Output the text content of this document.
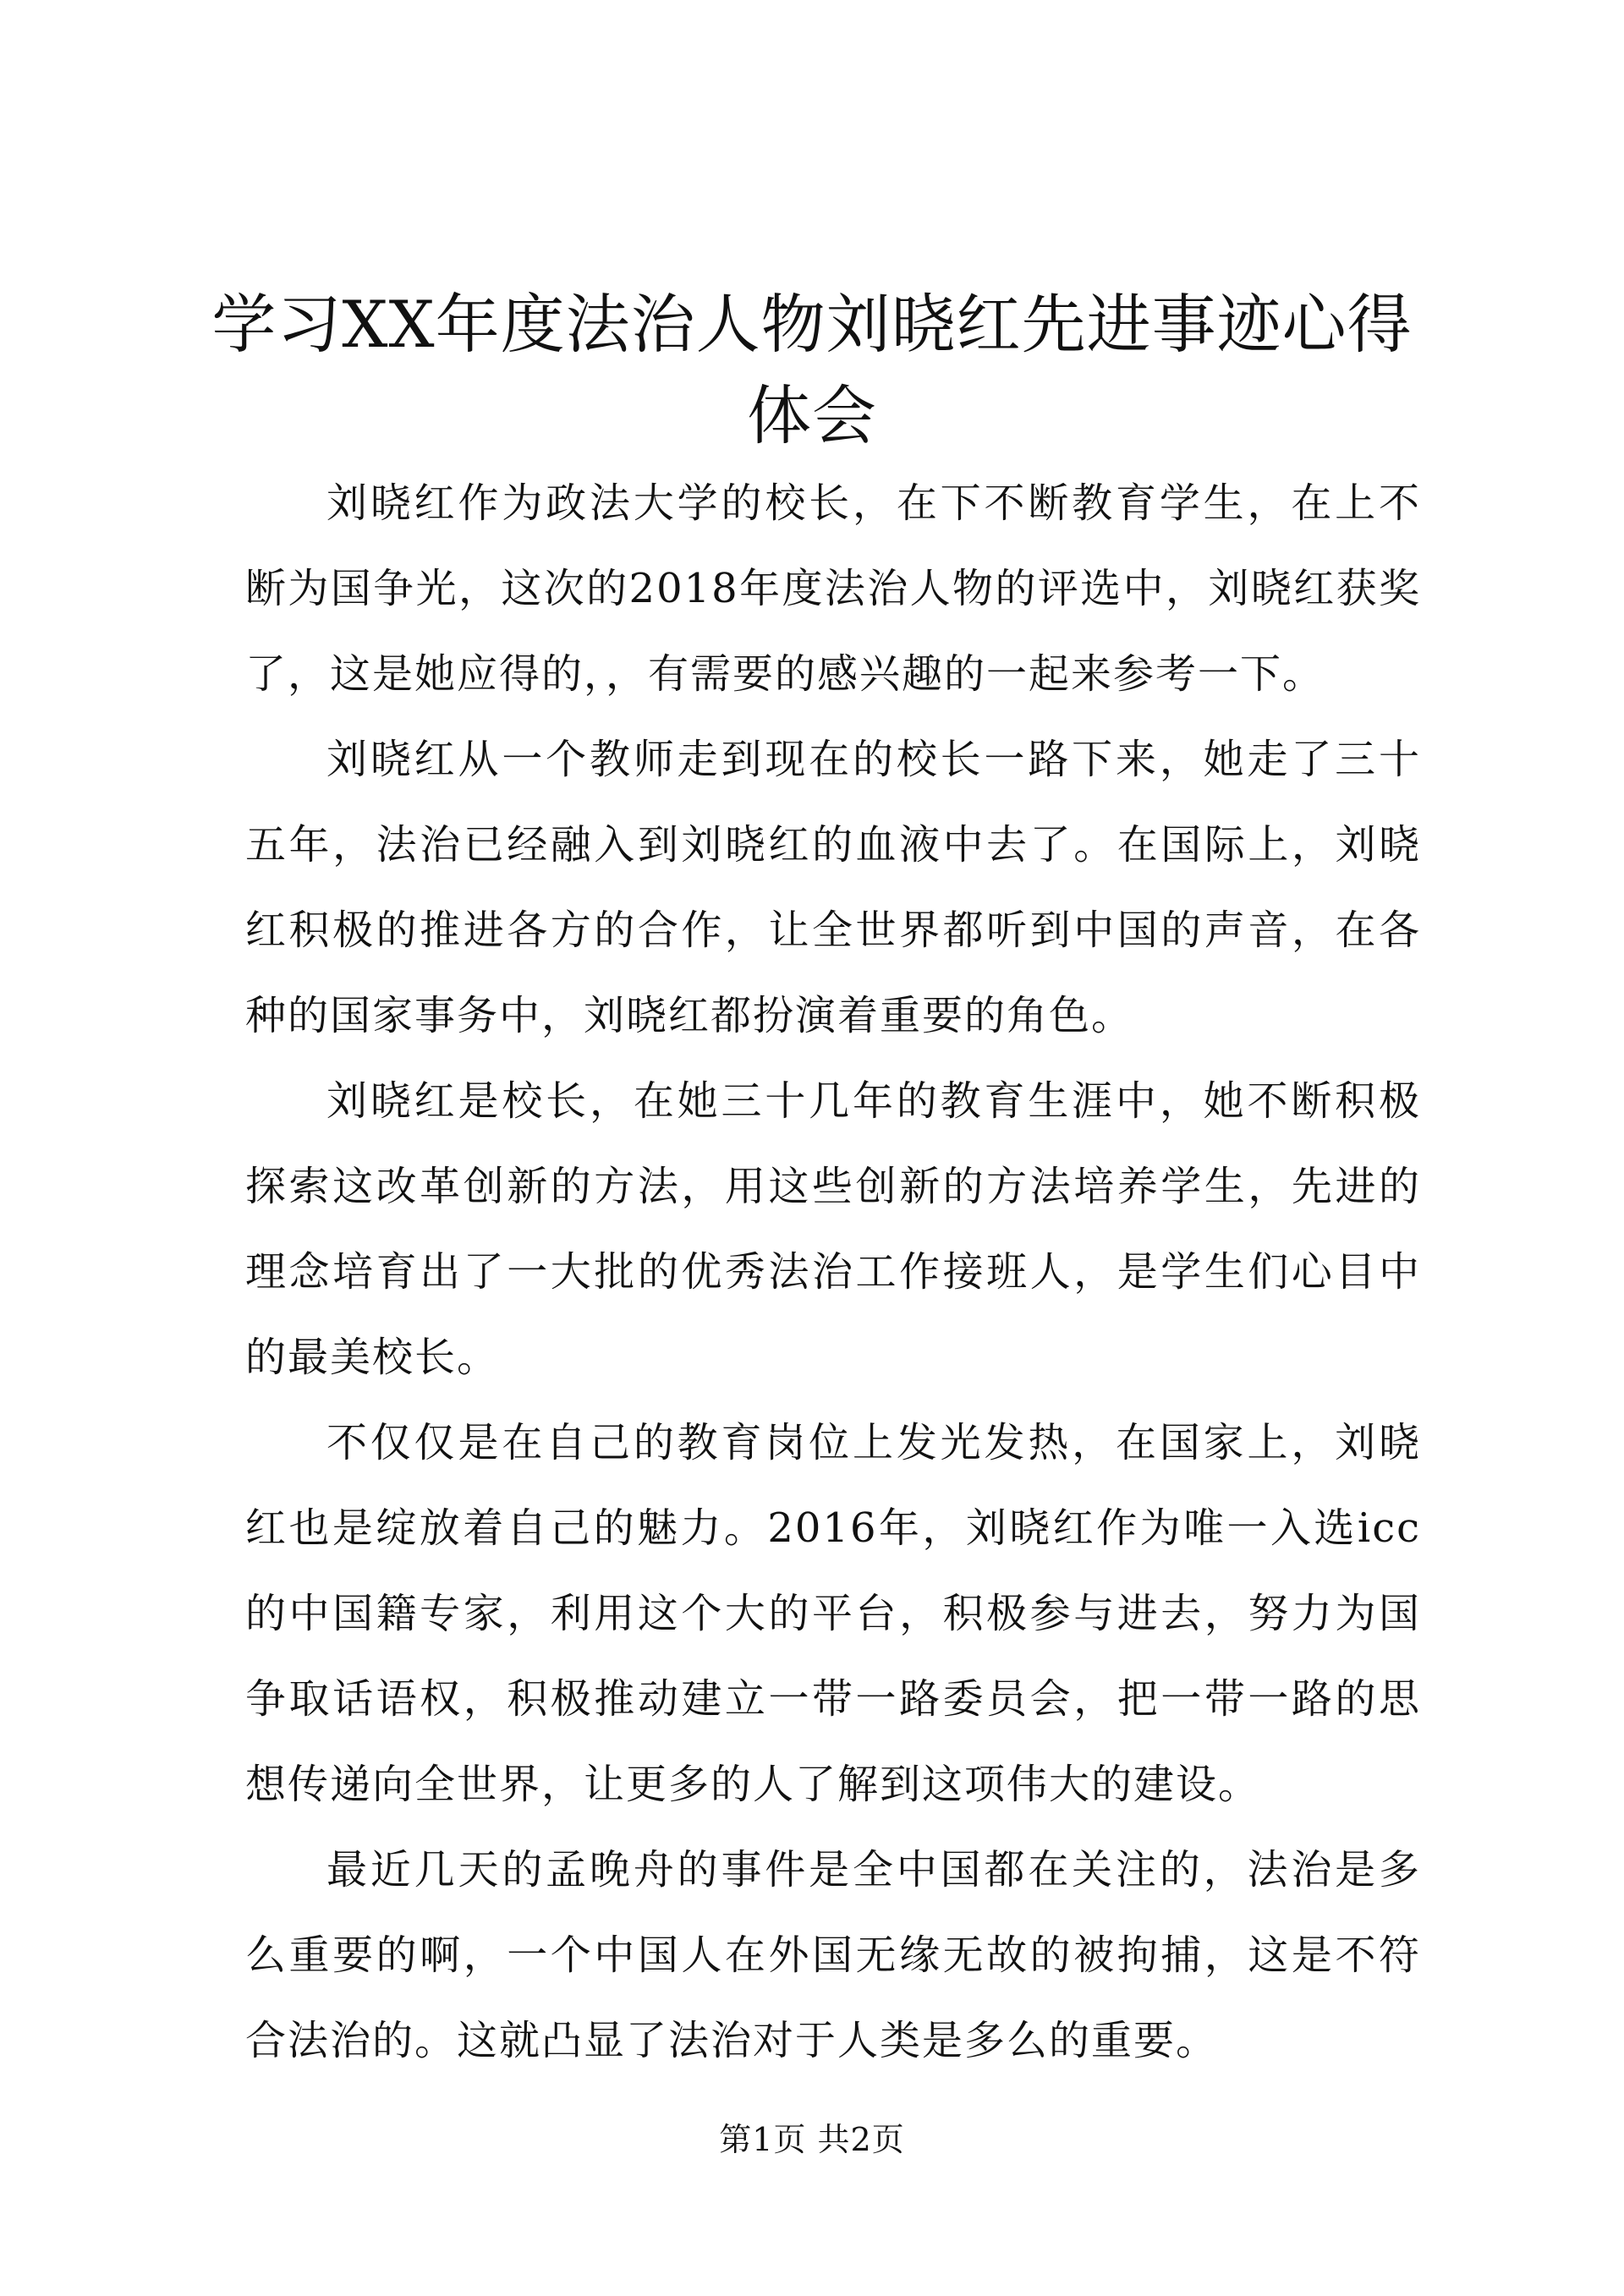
学习XX年度法治人物刘晓红先进事迹心得体会

刘晓红作为政法大学的校长，在下不断教育学生，在上不断为国争光，这次的2018年度法治人物的评选中，刘晓红获奖了，这是她应得的，，有需要的感兴趣的一起来参考一下。

刘晓红从一个教师走到现在的校长一路下来，她走了三十五年，法治已经融入到刘晓红的血液中去了。在国际上，刘晓红积极的推进各方的合作，让全世界都听到中国的声音，在各种的国家事务中，刘晓红都扮演着重要的角色。

刘晓红是校长，在她三十几年的教育生涯中，她不断积极探索这改革创新的方法，用这些创新的方法培养学生，先进的理念培育出了一大批的优秀法治工作接班人，是学生们心目中的最美校长。

不仅仅是在自己的教育岗位上发光发热，在国家上，刘晓红也是绽放着自己的魅力。2016年，刘晓红作为唯一入选icc的中国籍专家，利用这个大的平台，积极参与进去，努力为国争取话语权，积极推动建立一带一路委员会，把一带一路的思想传递向全世界，让更多的人了解到这项伟大的建设。

最近几天的孟晚舟的事件是全中国都在关注的，法治是多么重要的啊，一个中国人在外国无缘无故的被拘捕，这是不符合法治的。这就凸显了法治对于人类是多么的重要。

第1页 共2页
